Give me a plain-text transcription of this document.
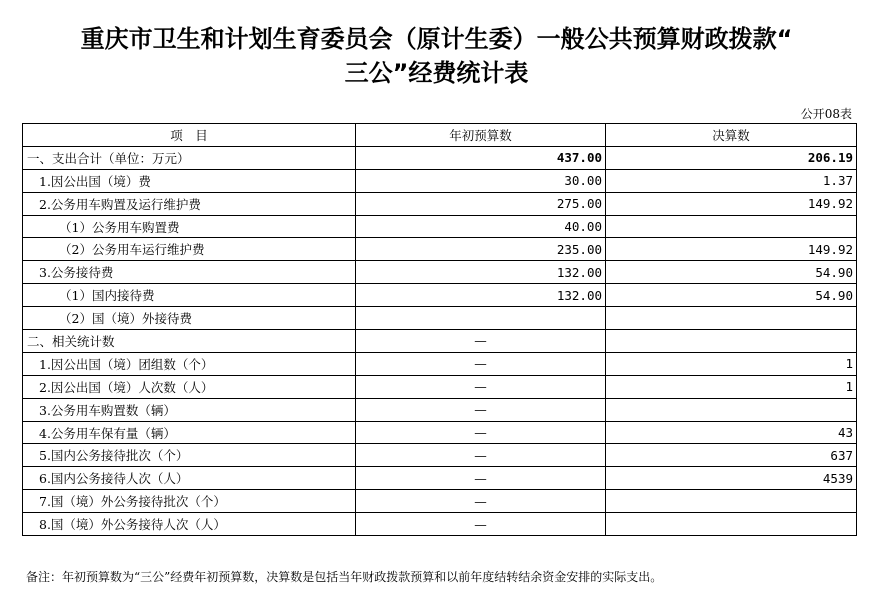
重庆市卫生和计划生育委员会（原计生委）一般公共预算财政拨款“
三公”经费统计表
公开08表
项　目	年初预算数	决算数
一、支出合计（单位：万元）	437.00	206.19
1.因公出国（境）费	30.00	1.37
2.公务用车购置及运行维护费	275.00	149.92
（1）公务用车购置费	40.00	
（2）公务用车运行维护费	235.00	149.92
3.公务接待费	132.00	54.90
（1）国内接待费	132.00	54.90
（2）国（境）外接待费		
二、相关统计数	—	
1.因公出国（境）团组数（个）	—	1
2.因公出国（境）人次数（人）	—	1
3.公务用车购置数（辆）	—	
4.公务用车保有量（辆）	—	43
5.国内公务接待批次（个）	—	637
6.国内公务接待人次（人）	—	4539
7.国（境）外公务接待批次（个）	—	
8.国（境）外公务接待人次（人）	—	
备注：年初预算数为“三公”经费年初预算数，决算数是包括当年财政拨款预算和以前年度结转结余资金安排的实际支出。
